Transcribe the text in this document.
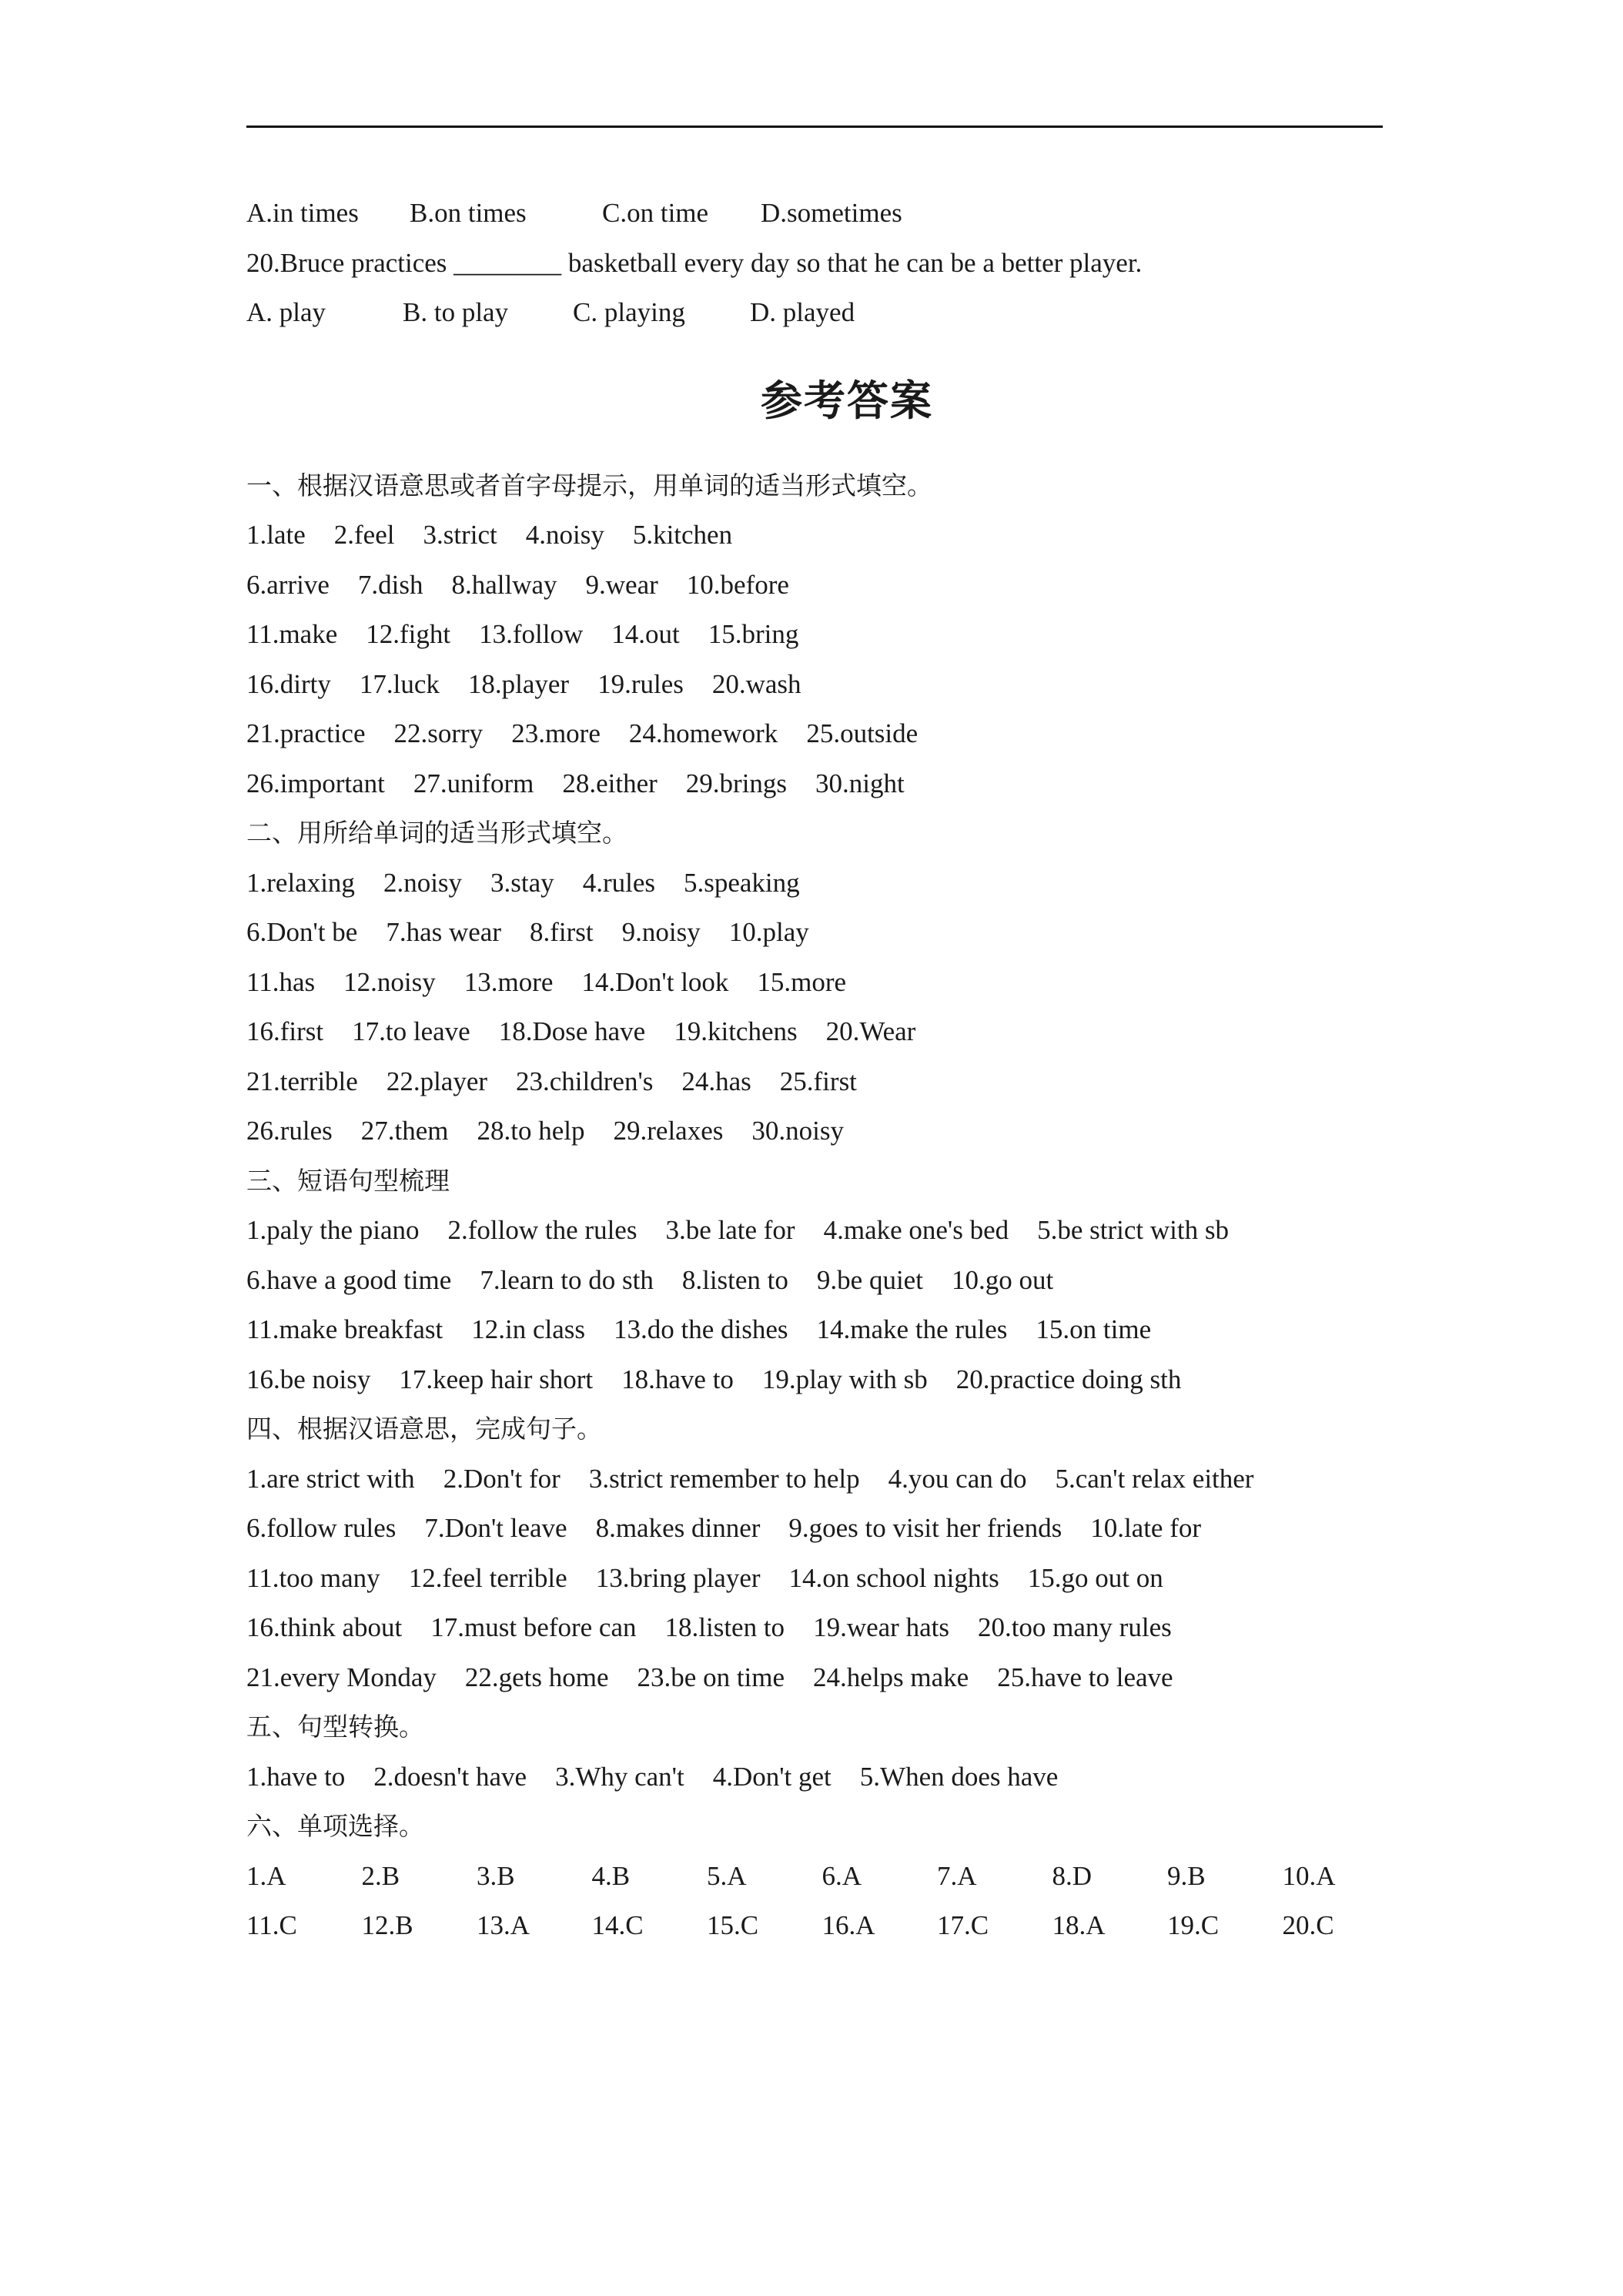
A.in times B.on times	C.on time D.sometimes
20.Bruce practices ________ basketball every day so that he can be a better player.
A. play	B. to play C. playing D. played
参考答案
一、根据汉语意思或者首字母提示，用单词的适当形式填空。
1.late 2.feel 3.strict 4.noisy 5.kitchen
6.arrive 7.dish 8.hallway 9.wear 10.before
11.make 12.fight 13.follow 14.out 15.bring
16.dirty 17.luck 18.player 19.rules 20.wash
21.practice 22.sorry 23.more 24.homework 25.outside
26.important 27.uniform 28.either 29.brings 30.night
二、用所给单词的适当形式填空。
1.relaxing 2.noisy 3.stay 4.rules 5.speaking
6.Don't be 7.has wear 8.first 9.noisy 10.play
11.has 12.noisy 13.more 14.Don't look 15.more
16.first 17.to leave 18.Dose have 19.kitchens 20.Wear
21.terrible 22.player 23.children's 24.has 25.first
26.rules 27.them 28.to help 29.relaxes 30.noisy
三、短语句型梳理
1.paly the piano 2.follow the rules 3.be late for 4.make one's bed 5.be strict with sb
6.have a good time 7.learn to do sth 8.listen to 9.be quiet 10.go out
11.make breakfast 12.in class 13.do the dishes 14.make the rules 15.on time
16.be noisy 17.keep hair short 18.have to 19.play with sb 20.practice doing sth
四、根据汉语意思，完成句子。
1.are strict with 2.Don't for 3.strict remember to help 4.you can do 5.can't relax either
6.follow rules 7.Don't leave 8.makes dinner 9.goes to visit her friends 10.late for
11.too many 12.feel terrible 13.bring player 14.on school nights 15.go out on
16.think about 17.must before can 18.listen to 19.wear hats 20.too many rules
21.every Monday 22.gets home 23.be on time 24.helps make 25.have to leave
五、句型转换。
1.have to 2.doesn't have 3.Why can't 4.Don't get 5.When does have
六、单项选择。
1.A	2.B	3.B	4.B	5.A	6.A	7.A	8.D	9.B	10.A
11.C	12.B	13.A	14.C	15.C	16.A	17.C	18.A	19.C	20.C
